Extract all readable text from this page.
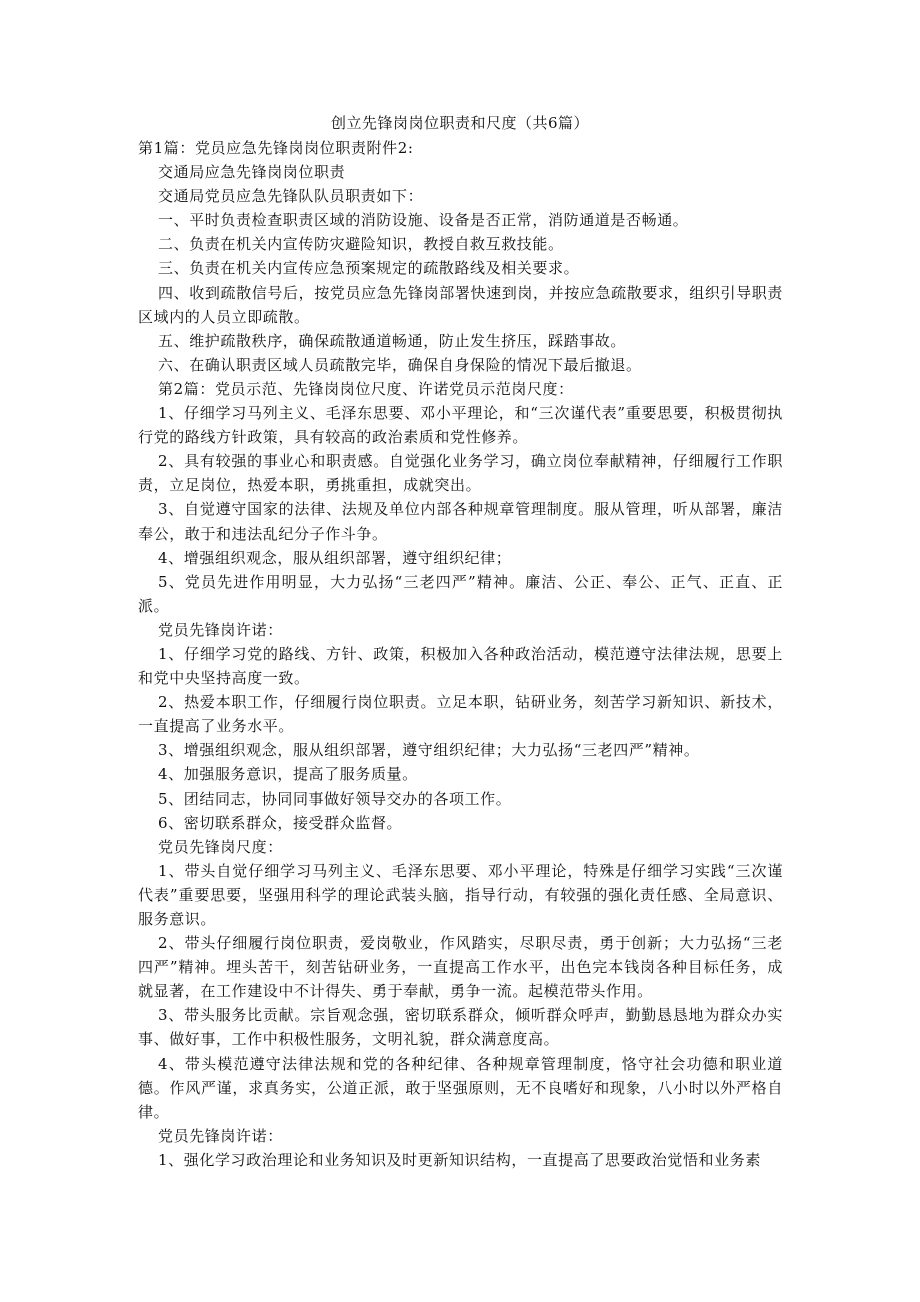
创立先锋岗岗位职责和尺度（共6篇）

第1篇：党员应急先锋岗岗位职责附件2:

交通局应急先锋岗岗位职责

交通局党员应急先锋队队员职责如下：

一、平时负责检查职责区域的消防设施、设备是否正常，消防通道是否畅通。

二、负责在机关内宣传防灾避险知识，教授自救互救技能。

三、负责在机关内宣传应急预案规定的疏散路线及相关要求。

四、收到疏散信号后，按党员应急先锋岗部署快速到岗，并按应急疏散要求，组织引导职责区域内的人员立即疏散。

五、维护疏散秩序，确保疏散通道畅通，防止发生挤压，踩踏事故。

六、在确认职责区域人员疏散完毕，确保自身保险的情况下最后撤退。

第2篇：党员示范、先锋岗岗位尺度、许诺党员示范岗尺度：

1、仔细学习马列主义、毛泽东思要、邓小平理论，和“三次谨代表”重要思要，积极贯彻执行党的路线方针政策，具有较高的政治素质和党性修养。

2、具有较强的事业心和职责感。自觉强化业务学习，确立岗位奉献精神，仔细履行工作职责，立足岗位，热爱本职，勇挑重担，成就突出。

3、自觉遵守国家的法律、法规及单位内部各种规章管理制度。服从管理，听从部署，廉洁奉公，敢于和违法乱纪分子作斗争。

4、增强组织观念，服从组织部署，遵守组织纪律；

5、党员先进作用明显，大力弘扬“三老四严”精神。廉洁、公正、奉公、正气、正直、正派。

党员先锋岗许诺：

1、仔细学习党的路线、方针、政策，积极加入各种政治活动，模范遵守法律法规，思要上和党中央坚持高度一致。

2、热爱本职工作，仔细履行岗位职责。立足本职，钻研业务，刻苦学习新知识、新技术，一直提高了业务水平。

3、增强组织观念，服从组织部署，遵守组织纪律；大力弘扬“三老四严”精神。

4、加强服务意识，提高了服务质量。

5、团结同志，协同同事做好领导交办的各项工作。

6、密切联系群众，接受群众监督。

党员先锋岗尺度：

1、带头自觉仔细学习马列主义、毛泽东思要、邓小平理论，特殊是仔细学习实践“三次谨代表”重要思要，坚强用科学的理论武装头脑，指导行动，有较强的强化责任感、全局意识、服务意识。

2、带头仔细履行岗位职责，爱岗敬业，作风踏实，尽职尽责，勇于创新；大力弘扬“三老四严”精神。埋头苦干，刻苦钻研业务，一直提高工作水平，出色完本钱岗各种目标任务，成就显著，在工作建设中不计得失、勇于奉献，勇争一流。起模范带头作用。

3、带头服务比贡献。宗旨观念强，密切联系群众，倾听群众呼声，勤勤恳恳地为群众办实事、做好事，工作中积极性服务，文明礼貌，群众满意度高。

4、带头模范遵守法律法规和党的各种纪律、各种规章管理制度，恪守社会功德和职业道德。作风严谨，求真务实，公道正派，敢于坚强原则，无不良嗜好和现象，八小时以外严格自律。

党员先锋岗许诺：

1、强化学习政治理论和业务知识及时更新知识结构，一直提高了思要政治觉悟和业务素
